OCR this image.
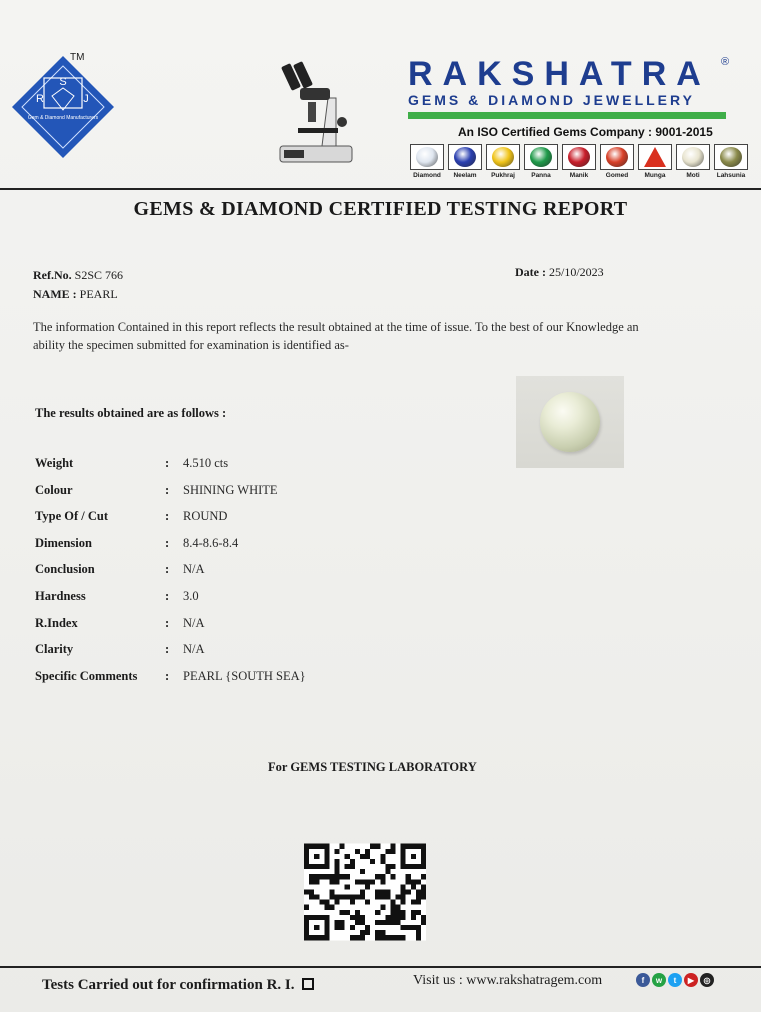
S
R	J
Gem & Diamond Manufacturers
TM	RAKSHATRA ®
GEMS & DIAMOND JEWELLERY
An ISO Certified Gems Company : 9001-2015
Diamond	Neelam	Pukhraj	Panna	Manik	Gomed	Munga	Moti	Lahsunia
GEMS & DIAMOND CERTIFIED TESTING REPORT
Ref.No. S2SC 766
NAME : PEARL
Date : 25/10/2023
The information Contained in this report reflects the result obtained at the time of issue. To the best of our Knowledge an ability the specimen submitted for examination is identified as-
The results obtained are as follows :
Weight	: 4.510 cts
Colour	: SHINING WHITE
Type Of / Cut	: ROUND
Dimension	: 8.4-8.6-8.4
Conclusion	: N/A
Hardness	: 3.0
R.Index	: N/A
Clarity	: N/A
Specific Comments : PEARL {SOUTH SEA}
For GEMS TESTING LABORATORY
Tests Carried out for confirmation R. I.	Visit us : www.rakshatragem.com	f	w	t	▶	◎
